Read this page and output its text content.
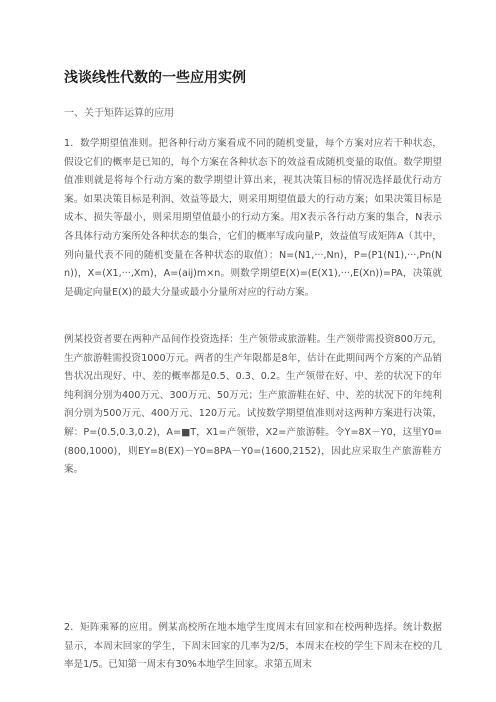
浅谈线性代数的一些应用实例
一、关于矩阵运算的应用

1．数学期望值准则。把各种行动方案看成不同的随机变量，每个方案对应若干种状态，假设它们的概率是已知的，每个方案在各种状态下的效益看成随机变量的取值。数学期望值准则就是将每个行动方案的数学期望计算出来，视其决策目标的情况选择最优行动方案。如果决策目标是利润、效益等最大，则采用期望值最大的行动方案；如果决策目标是成本、损失等最小，则采用期望值最小的行动方案。用X表示各行动方案的集合，N表示各具体行动方案所处各种状态的集合，它们的概率写成向量P，效益值写成矩阵A（其中，列向量代表不同的随机变量在各种状态的取值）：N=(N1,···,Nn)，P=(P1(N1),···,Pn(Nn))，X=(X1,···,Xm)，A=(aij)m×n。则数学期望E(X)=(E(X1),···,E(Xn))=PA，决策就是确定向量E(X)的最大分量或最小分量所对应的行动方案。

例某投资者要在两种产品间作投资选择：生产领带或旅游鞋。生产领带需投资800万元，生产旅游鞋需投资1000万元。两者的生产年限都是8年，估计在此期间两个方案的产品销售状况出现好、中、差的概率都是0.5、0.3、0.2。生产领带在好、中、差的状况下的年纯利润分别为400万元、300万元、50万元；生产旅游鞋在好、中、差的状况下的年纯利润分别为500万元、400万元、120万元。试按数学期望值准则对这两种方案进行决策，解：P=(0.5,0.3,0.2)，A=■T，X1=产领带，X2=产旅游鞋。令Y=8X－Y0，这里Y0=(800,1000)，则EY=8(EX)－Y0=8PA－Y0=(1600,2152)，因此应采取生产旅游鞋方案。

2．矩阵乘幂的应用。例某高校所在地本地学生度周末有回家和在校两种选择。统计数据显示，本周末回家的学生，下周末回家的几率为2/5，本周末在校的学生下周末在校的几率是1/5。已知第一周末有30%本地学生回家。求第五周末
